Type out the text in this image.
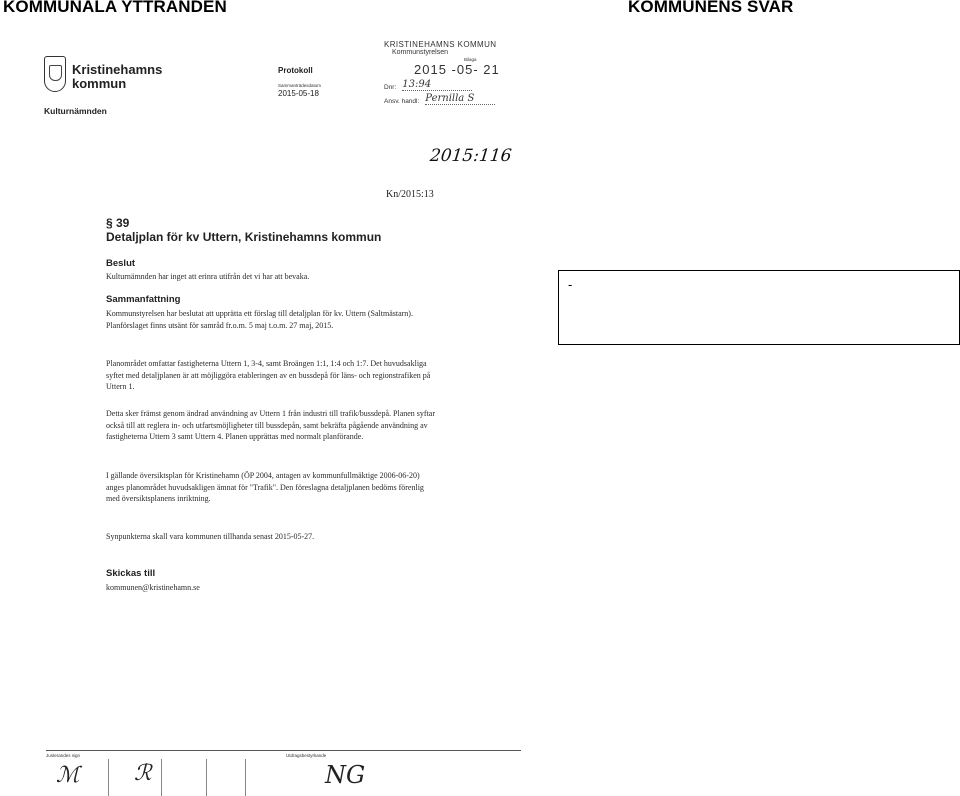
KOMMUNALA YTTRANDEN	KOMMUNENS SVAR
Kristinehamns
kommun
Kulturnämnden
Protokoll
Sammanträdesdatum
2015-05-18
KRISTINEHAMNS KOMMUN
Kommunstyrelsen
Bilaga
2015 -05- 21
Dnr: 13:94
Ansv. handl: Pernilla S
2015:116
Kn/2015:13
§ 39
Detaljplan för kv Uttern, Kristinehamns kommun
Beslut
Kulturnämnden har inget att erinra utifrån det vi har att bevaka.
Sammanfattning
Kommunstyrelsen har beslutat att upprätta ett förslag till detaljplan för kv. Uttern (Saltmästarn). Planförslaget finns utsänt för samråd fr.o.m. 5 maj t.o.m. 27 maj, 2015.
Planområdet omfattar fastigheterna Uttern 1, 3-4, samt Broängen 1:1, 1:4 och 1:7. Det huvudsakliga syftet med detaljplanen är att möjliggöra etableringen av en bussdepå för läns- och regionstrafiken på Uttern 1.
Detta sker främst genom ändrad användning av Uttern 1 från industri till trafik/bussdepå. Planen syftar också till att reglera in- och utfartsmöjligheter till bussdepån, samt bekräfta pågående användning av fastigheterna Uttern 3 samt Uttern 4. Planen upprättas med normalt planförande.
I gällande översiktsplan för Kristinehamn (ÖP 2004, antagen av kommunfullmäktige 2006-06-20) anges planområdet huvudsakligen ämnat för "Trafik". Den föreslagna detaljplanen bedöms förenlig med översiktsplanens inriktning.
Synpunkterna skall vara kommunen tillhanda senast 2015-05-27.
Skickas till
kommunen@kristinehamn.se
Justerandes sign	Utdragsbestyrkande
ℳ ℛ	NG
-
